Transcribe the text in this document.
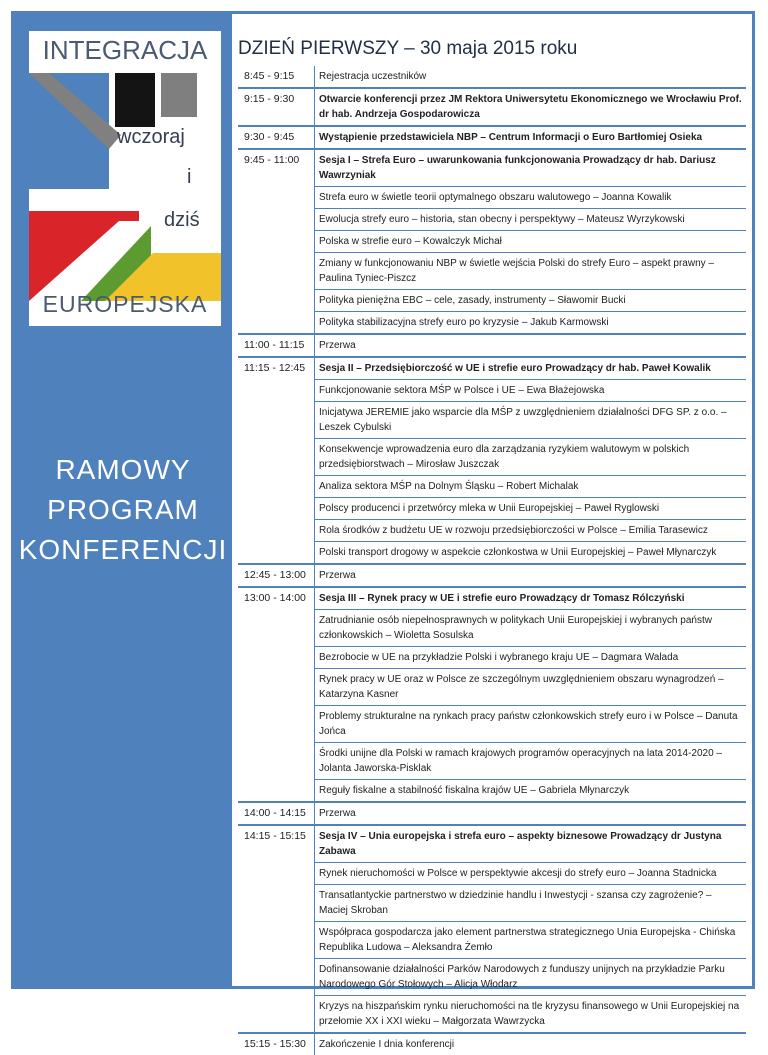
INTEGRACJA
wczoraj
i
dziś
EUROPEJSKA
RAMOWY
PROGRAM
KONFERENCJI
DZIEŃ PIERWSZY – 30 maja 2015 roku
8:45 - 9:15	Rejestracja uczestników
9:15 - 9:30	Otwarcie konferencji przez JM Rektora Uniwersytetu Ekonomicznego we Wrocławiu Prof. dr hab. Andrzeja Gospodarowicza
9:30 - 9:45	Wystąpienie przedstawiciela NBP – Centrum Informacji o Euro Bartłomiej Osieka
9:45 - 11:00	Sesja I – Strefa Euro – uwarunkowania funkcjonowania Prowadzący dr hab. Dariusz Wawrzyniak
Strefa euro w świetle teorii optymalnego obszaru walutowego – Joanna Kowalik
Ewolucja strefy euro – historia, stan obecny i perspektywy – Mateusz Wyrzykowski
Polska w strefie euro – Kowalczyk Michał
Zmiany w funkcjonowaniu NBP w świetle wejścia Polski do strefy Euro – aspekt prawny – Paulina Tyniec-Piszcz
Polityka pieniężna EBC – cele, zasady, instrumenty – Sławomir Bucki
Polityka stabilizacyjna strefy euro po kryzysie – Jakub Karmowski
11:00 - 11:15	Przerwa
11:15 - 12:45	Sesja II – Przedsiębiorczość w UE i strefie euro Prowadzący dr hab. Paweł Kowalik
Funkcjonowanie sektora MŚP w Polsce i UE – Ewa Błażejowska
Inicjatywa JEREMIE jako wsparcie dla MŚP z uwzględnieniem działalności DFG SP. z o.o. – Leszek Cybulski
Konsekwencje wprowadzenia euro dla zarządzania ryzykiem walutowym w polskich przedsiębiorstwach – Mirosław Juszczak
Analiza sektora MŚP na Dolnym Śląsku – Robert Michalak
Polscy producenci i przetwórcy mleka w Unii Europejskiej – Paweł Ryglowski
Rola środków z budżetu UE w rozwoju przedsiębiorczości w Polsce – Emilia Tarasewicz
Polski transport drogowy w aspekcie członkostwa w Unii Europejskiej – Paweł Młynarczyk
12:45 - 13:00	Przerwa
13:00 - 14:00	Sesja III – Rynek pracy w UE i strefie euro Prowadzący dr Tomasz Rólczyński
Zatrudnianie osób niepełnosprawnych w politykach Unii Europejskiej i wybranych państw członkowskich – Wioletta Sosulska
Bezrobocie w UE na przykładzie Polski i wybranego kraju UE – Dagmara Walada
Rynek pracy w UE oraz w Polsce ze szczególnym uwzględnieniem obszaru wynagrodzeń – Katarzyna Kasner
Problemy strukturalne na rynkach pracy państw członkowskich strefy euro i w Polsce – Danuta Jońca
Środki unijne dla Polski w ramach krajowych programów operacyjnych na lata 2014-2020 – Jolanta Jaworska-Pisklak
Reguły fiskalne a stabilność fiskalna krajów UE – Gabriela Młynarczyk
14:00 - 14:15	Przerwa
14:15 - 15:15	Sesja IV – Unia europejska i strefa euro – aspekty biznesowe Prowadzący dr Justyna Zabawa
Rynek nieruchomości w Polsce w perspektywie akcesji do strefy euro – Joanna Stadnicka
Transatlantyckie partnerstwo w dziedzinie handlu i Inwestycji - szansa czy zagrożenie? – Maciej Skroban
Współpraca gospodarcza jako element partnerstwa strategicznego Unia Europejska - Chińska Republika Ludowa – Aleksandra Żemło
Dofinansowanie działalności Parków Narodowych z funduszy unijnych na przykładzie Parku Narodowego Gór Stołowych – Alicja Włodarz
Kryzys na hiszpańskim rynku nieruchomości na tle kryzysu finansowego w Unii Europejskiej na przełomie XX i XXI wieku – Małgorzata Wawrzycka
15:15 - 15:30	Zakończenie I dnia konferencji
